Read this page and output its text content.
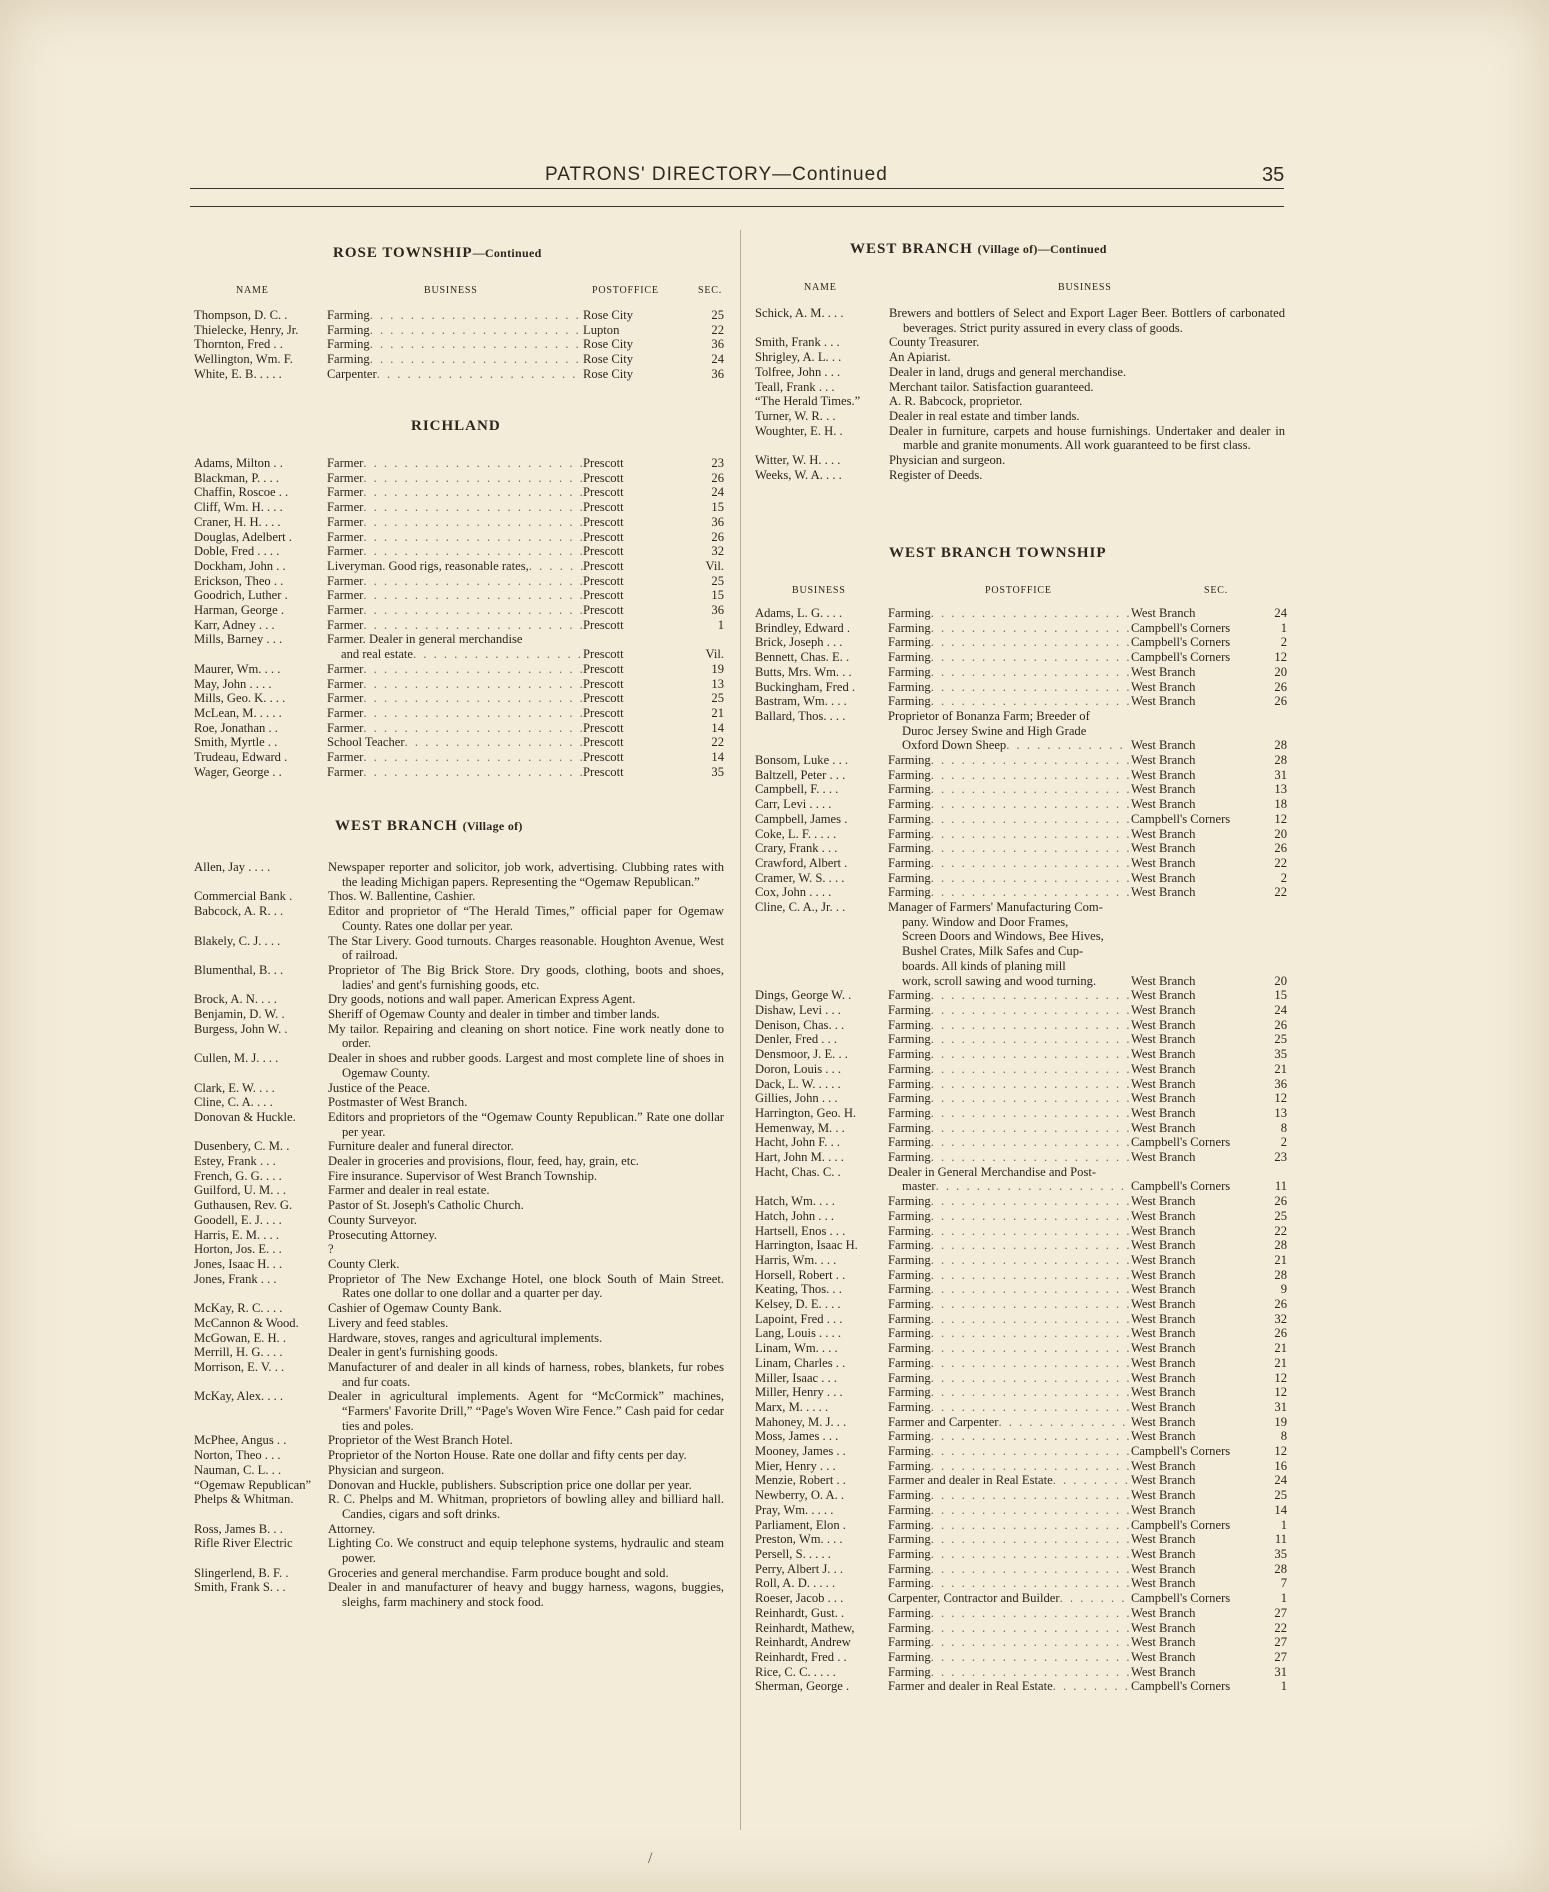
PATRONS' DIRECTORY—Continued	35
ROSE TOWNSHIP—Continued
NAME	BUSINESS	POSTOFFICE	SEC.
Thompson, D. C. .	Farming . . .	Rose City	25
Thielecke, Henry, Jr.	Farming . . .	Lupton	22
Thornton, Fred . .	Farming . . .	Rose City	36
Wellington, Wm. F.	Farming . . .	Rose City	24
White, E. B. . . . .	Carpenter . . .	Rose City	36
RICHLAND
Adams, Milton . .	Farmer . . .	Prescott	23
Blackman, P. . . .	Farmer . . .	Prescott	26
Chaffin, Roscoe . .	Farmer . . .	Prescott	24
Cliff, Wm. H. . . .	Farmer . . .	Prescott	15
Craner, H. H. . . .	Farmer . . .	Prescott	36
Douglas, Adelbert .	Farmer . . .	Prescott	26
Doble, Fred . . . .	Farmer . . .	Prescott	32
Dockham, John . .	Liveryman. Good rigs, reasonable rates, . . .	Prescott	Vil.
Erickson, Theo . .	Farmer . . .	Prescott	25
Goodrich, Luther .	Farmer . . .	Prescott	15
Harman, George .	Farmer . . .	Prescott	36
Karr, Adney . . .	Farmer . . .	Prescott	1
Mills, Barney . . .	Farmer. Dealer in general merchandise
and real estate . . .	Prescott	Vil.
Maurer, Wm. . . .	Farmer . . .	Prescott	19
May, John . . . .	Farmer . . .	Prescott	13
Mills, Geo. K. . . .	Farmer . . .	Prescott	25
McLean, M. . . . .	Farmer . . .	Prescott	21
Roe, Jonathan . .	Farmer . . .	Prescott	14
Smith, Myrtle . .	School Teacher . . .	Prescott	22
Trudeau, Edward .	Farmer . . .	Prescott	14
Wager, George . .	Farmer . . .	Prescott	35
WEST BRANCH (Village of)
Allen, Jay . . . .	Newspaper reporter and solicitor, job work, advertising. Clubbing rates with the leading Michigan papers. Representing the “Ogemaw Republican.”
Commercial Bank .	Thos. W. Ballentine, Cashier.
Babcock, A. R. . .	Editor and proprietor of “The Herald Times,” official paper for Ogemaw County. Rates one dollar per year.
Blakely, C. J. . . .	The Star Livery. Good turnouts. Charges reasonable. Houghton Avenue, West of railroad.
Blumenthal, B. . .	Proprietor of The Big Brick Store. Dry goods, clothing, boots and shoes, ladies' and gent's furnishing goods, etc.
Brock, A. N. . . .	Dry goods, notions and wall paper. American Express Agent.
Benjamin, D. W. .	Sheriff of Ogemaw County and dealer in timber and timber lands.
Burgess, John W. .	My tailor. Repairing and cleaning on short notice. Fine work neatly done to order.
Cullen, M. J. . . .	Dealer in shoes and rubber goods. Largest and most complete line of shoes in Ogemaw County.
Clark, E. W. . . .	Justice of the Peace.
Cline, C. A. . . .	Postmaster of West Branch.
Donovan & Huckle.	Editors and proprietors of the “Ogemaw County Republican.” Rate one dollar per year.
Dusenbery, C. M. .	Furniture dealer and funeral director.
Estey, Frank . . .	Dealer in groceries and provisions, flour, feed, hay, grain, etc.
French, G. G. . . .	Fire insurance. Supervisor of West Branch Township.
Guilford, U. M. . .	Farmer and dealer in real estate.
Guthausen, Rev. G.	Pastor of St. Joseph's Catholic Church.
Goodell, E. J. . . .	County Surveyor.
Harris, E. M. . . .	Prosecuting Attorney.
Horton, Jos. E. . .	?
Jones, Isaac H. . .	County Clerk.
Jones, Frank . . .	Proprietor of The New Exchange Hotel, one block South of Main Street. Rates one dollar to one dollar and a quarter per day.
McKay, R. C. . . .	Cashier of Ogemaw County Bank.
McCannon & Wood.	Livery and feed stables.
McGowan, E. H. .	Hardware, stoves, ranges and agricultural implements.
Merrill, H. G. . . .	Dealer in gent's furnishing goods.
Morrison, E. V. . .	Manufacturer of and dealer in all kinds of harness, robes, blankets, fur robes and fur coats.
McKay, Alex. . . .	Dealer in agricultural implements. Agent for “McCormick” machines, “Farmers' Favorite Drill,” “Page's Woven Wire Fence.” Cash paid for cedar ties and poles.
McPhee, Angus . .	Proprietor of the West Branch Hotel.
Norton, Theo . . .	Proprietor of the Norton House. Rate one dollar and fifty cents per day.
Nauman, C. L. . .	Physician and surgeon.
“Ogemaw Republican”	Donovan and Huckle, publishers. Subscription price one dollar per year.
Phelps & Whitman.	R. C. Phelps and M. Whitman, proprietors of bowling alley and billiard hall. Candies, cigars and soft drinks.
Ross, James B. . .	Attorney.
Rifle River Electric	Lighting Co. We construct and equip telephone systems, hydraulic and steam power.
Slingerlend, B. F. .	Groceries and general merchandise. Farm produce bought and sold.
Smith, Frank S. . .	Dealer in and manufacturer of heavy and buggy harness, wagons, buggies, sleighs, farm machinery and stock food.
WEST BRANCH (Village of)—Continued
NAME	BUSINESS
Schick, A. M. . . .	Brewers and bottlers of Select and Export Lager Beer. Bottlers of carbonated beverages. Strict purity assured in every class of goods.
Smith, Frank . . .	County Treasurer.
Shrigley, A. L. . .	An Apiarist.
Tolfree, John . . .	Dealer in land, drugs and general merchandise.
Teall, Frank . . .	Merchant tailor. Satisfaction guaranteed.
“The Herald Times.”	A. R. Babcock, proprietor.
Turner, W. R. . .	Dealer in real estate and timber lands.
Woughter, E. H. .	Dealer in furniture, carpets and house furnishings. Undertaker and dealer in marble and granite monuments. All work guaranteed to be first class.
Witter, W. H. . . .	Physician and surgeon.
Weeks, W. A. . . .	Register of Deeds.
WEST BRANCH TOWNSHIP
BUSINESS	POSTOFFICE	SEC.
Adams, L. G. . . .	Farming . . .	West Branch	24
Brindley, Edward .	Farming . . .	Campbell's Corners	1
Brick, Joseph . . .	Farming . . .	Campbell's Corners	2
Bennett, Chas. E. .	Farming . . .	Campbell's Corners	12
Butts, Mrs. Wm. . .	Farming . . .	West Branch	20
Buckingham, Fred .	Farming . . .	West Branch	26
Bastram, Wm. . . .	Farming . . .	West Branch	26
Ballard, Thos. . . .	Proprietor of Bonanza Farm; Breeder of
Duroc Jersey Swine and High Grade
Oxford Down Sheep . . .	West Branch	28
Bonsom, Luke . . .	Farming . . .	West Branch	28
Baltzell, Peter . . .	Farming . . .	West Branch	31
Campbell, F. . . .	Farming . . .	West Branch	13
Carr, Levi . . . .	Farming . . .	West Branch	18
Campbell, James .	Farming . . .	Campbell's Corners	12
Coke, L. F. . . . .	Farming . . .	West Branch	20
Crary, Frank . . .	Farming . . .	West Branch	26
Crawford, Albert .	Farming . . .	West Branch	22
Cramer, W. S. . . .	Farming . . .	West Branch	2
Cox, John . . . .	Farming . . .	West Branch	22
Cline, C. A., Jr. . .	Manager of Farmers' Manufacturing Com-
pany. Window and Door Frames,
Screen Doors and Windows, Bee Hives,
Bushel Crates, Milk Safes and Cup-
boards. All kinds of planing mill
work, scroll sawing and wood turning.	West Branch	20
Dings, George W. .	Farming . . .	West Branch	15
Dishaw, Levi . . .	Farming . . .	West Branch	24
Denison, Chas. . .	Farming . . .	West Branch	26
Denler, Fred . . .	Farming . . .	West Branch	25
Densmoor, J. E. . .	Farming . . .	West Branch	35
Doron, Louis . . .	Farming . . .	West Branch	21
Dack, L. W. . . . .	Farming . . .	West Branch	36
Gillies, John . . .	Farming . . .	West Branch	12
Harrington, Geo. H.	Farming . . .	West Branch	13
Hemenway, M. . .	Farming . . .	West Branch	8
Hacht, John F. . .	Farming . . .	Campbell's Corners	2
Hart, John M. . . .	Farming . . .	West Branch	23
Hacht, Chas. C. .	Dealer in General Merchandise and Post-
master . . .	Campbell's Corners	11
Hatch, Wm. . . .	Farming . . .	West Branch	26
Hatch, John . . .	Farming . . .	West Branch	25
Hartsell, Enos . . .	Farming . . .	West Branch	22
Harrington, Isaac H.	Farming . . .	West Branch	28
Harris, Wm. . . .	Farming . . .	West Branch	21
Horsell, Robert . .	Farming . . .	West Branch	28
Keating, Thos. . .	Farming . . .	West Branch	9
Kelsey, D. E. . . .	Farming . . .	West Branch	26
Lapoint, Fred . . .	Farming . . .	West Branch	32
Lang, Louis . . . .	Farming . . .	West Branch	26
Linam, Wm. . . .	Farming . . .	West Branch	21
Linam, Charles . .	Farming . . .	West Branch	21
Miller, Isaac . . .	Farming . . .	West Branch	12
Miller, Henry . . .	Farming . . .	West Branch	12
Marx, M. . . . .	Farming . . .	West Branch	31
Mahoney, M. J. . .	Farmer and Carpenter . . .	West Branch	19
Moss, James . . .	Farming . . .	West Branch	8
Mooney, James . .	Farming . . .	Campbell's Corners	12
Mier, Henry . . .	Farming . . .	West Branch	16
Menzie, Robert . .	Farmer and dealer in Real Estate . . .	West Branch	24
Newberry, O. A. .	Farming . . .	West Branch	25
Pray, Wm. . . . .	Farming . . .	West Branch	14
Parliament, Elon .	Farming . . .	Campbell's Corners	1
Preston, Wm. . . .	Farming . . .	West Branch	11
Persell, S. . . . .	Farming . . .	West Branch	35
Perry, Albert J. . .	Farming . . .	West Branch	28
Roll, A. D. . . . .	Farming . . .	West Branch	7
Roeser, Jacob . . .	Carpenter, Contractor and Builder . . .	Campbell's Corners	1
Reinhardt, Gust. .	Farming . . .	West Branch	27
Reinhardt, Mathew,	Farming . . .	West Branch	22
Reinhardt, Andrew	Farming . . .	West Branch	27
Reinhardt, Fred . .	Farming . . .	West Branch	27
Rice, C. C. . . . .	Farming . . .	West Branch	31
Sherman, George .	Farmer and dealer in Real Estate . . .	Campbell's Corners	1
/
